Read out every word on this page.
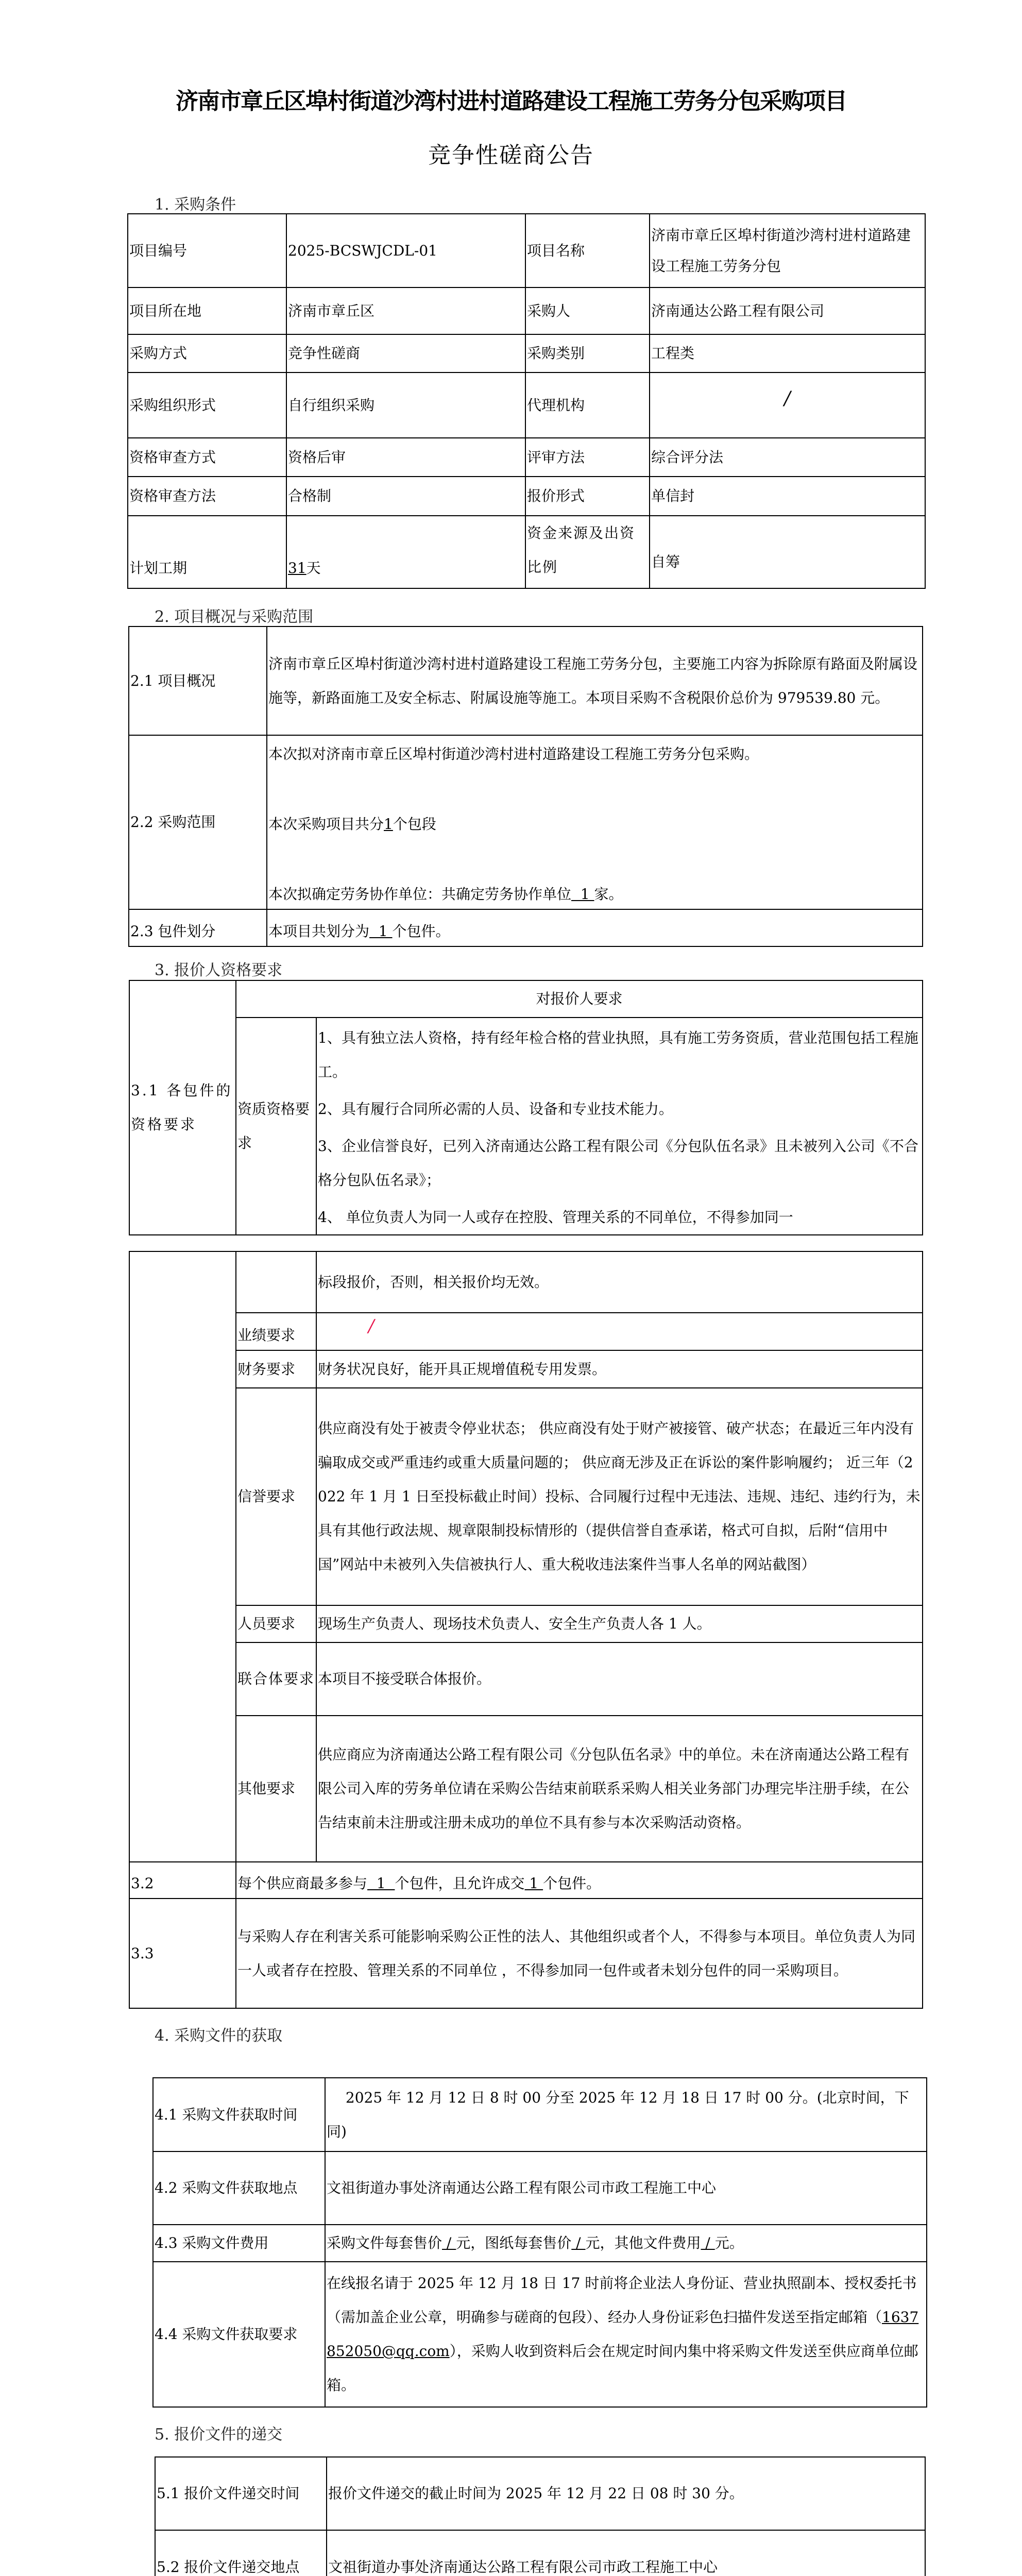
济南市章丘区埠村街道沙湾村进村道路建设工程施工劳务分包采购项目
竞争性磋商公告
1. 采购条件
项目编号	2025-BCSWJCDL-01	项目名称	济南市章丘区埠村街道沙湾村进村道路建设工程施工劳务分包
项目所在地	济南市章丘区	采购人	济南通达公路工程有限公司
采购方式	竞争性磋商	采购类别	工程类
采购组织形式	自行组织采购	代理机构	/
资格审查方式	资格后审	评审方法	综合评分法
资格审查方法	合格制	报价形式	单信封
计划工期	31天	资金来源及出资比例	自筹
2. 项目概况与采购范围
2.1 项目概况	济南市章丘区埠村街道沙湾村进村道路建设工程施工劳务分包，主要施工内容为拆除原有路面及附属设施等，新路面施工及安全标志、附属设施等施工。本项目采购不含税限价总价为 979539.80 元。
2.2 采购范围	本次拟对济南市章丘区埠村街道沙湾村进村道路建设工程施工劳务分包采购。
本次采购项目共分1个包段
本次拟确定劳务协作单位：共确定劳务协作单位  1 家。

2.3 包件划分	本项目共划分为  1 个包件。
3. 报价人资格要求
3.1 各包件的资格要求	对报价人要求	
	资质资格要求	1、具有独立法人资格，持有经年检合格的营业执照，具有施工劳务资质，营业范围包括工程施工。
2、具有履行合同所必需的人员、设备和专业技术能力。
3、企业信誉良好，已列入济南通达公路工程有限公司《分包队伍名录》且未被列入公司《不合格分包队伍名录》；
4、 单位负责人为同一人或存在控股、管理关系的不同单位，不得参加同一
		标段报价，否则，相关报价均无效。
	业绩要求	/
	财务要求	财务状况良好，能开具正规增值税专用发票。
	信誉要求	供应商没有处于被责令停业状态； 供应商没有处于财产被接管、破产状态；在最近三年内没有骗取成交或严重违约或重大质量问题的； 供应商无涉及正在诉讼的案件影响履约； 近三年（2022 年 1 月 1 日至投标截止时间）投标、合同履行过程中无违法、违规、违纪、违约行为，未具有其他行政法规、规章限制投标情形的（提供信誉自查承诺，格式可自拟，后附“信用中国”网站中未被列入失信被执行人、重大税收违法案件当事人名单的网站截图）
	人员要求	现场生产负责人、现场技术负责人、安全生产负责人各 1 人。
	联合体要求	本项目不接受联合体报价。
	其他要求	供应商应为济南通达公路工程有限公司《分包队伍名录》中的单位。未在济南通达公路工程有限公司入库的劳务单位请在采购公告结束前联系采购人相关业务部门办理完毕注册手续，在公告结束前未注册或注册未成功的单位不具有参与本次采购活动资格。
3.2	每个供应商最多参与  1  个包件，且允许成交 1 个包件。	
3.3	与采购人存在利害关系可能影响采购公正性的法人、其他组织或者个人，不得参与本项目。单位负责人为同一人或者存在控股、管理关系的不同单位 ，不得参加同一包件或者未划分包件的同一采购项目。	
4. 采购文件的获取
4.1 采购文件获取时间	　 2025 年 12 月 12 日 8 时 00 分至 2025 年 12 月 18 日 17 时 00 分。(北京时间，下同)
4.2 采购文件获取地点	文祖街道办事处济南通达公路工程有限公司市政工程施工中心
4.3 采购文件费用	采购文件每套售价 / 元，图纸每套售价 / 元，其他文件费用 / 元。
4.4 采购文件获取要求	在线报名请于 2025 年 12 月 18 日 17 时前将企业法人身份证、营业执照副本、授权委托书（需加盖企业公章，明确参与磋商的包段）、经办人身份证彩色扫描件发送至指定邮箱（1637852050@qq.com），采购人收到资料后会在规定时间内集中将采购文件发送至供应商单位邮箱。
5. 报价文件的递交
5.1 报价文件递交时间	报价文件递交的截止时间为 2025 年 12 月 22 日 08 时 30 分。
5.2 报价文件递交地点	文祖街道办事处济南通达公路工程有限公司市政工程施工中心
